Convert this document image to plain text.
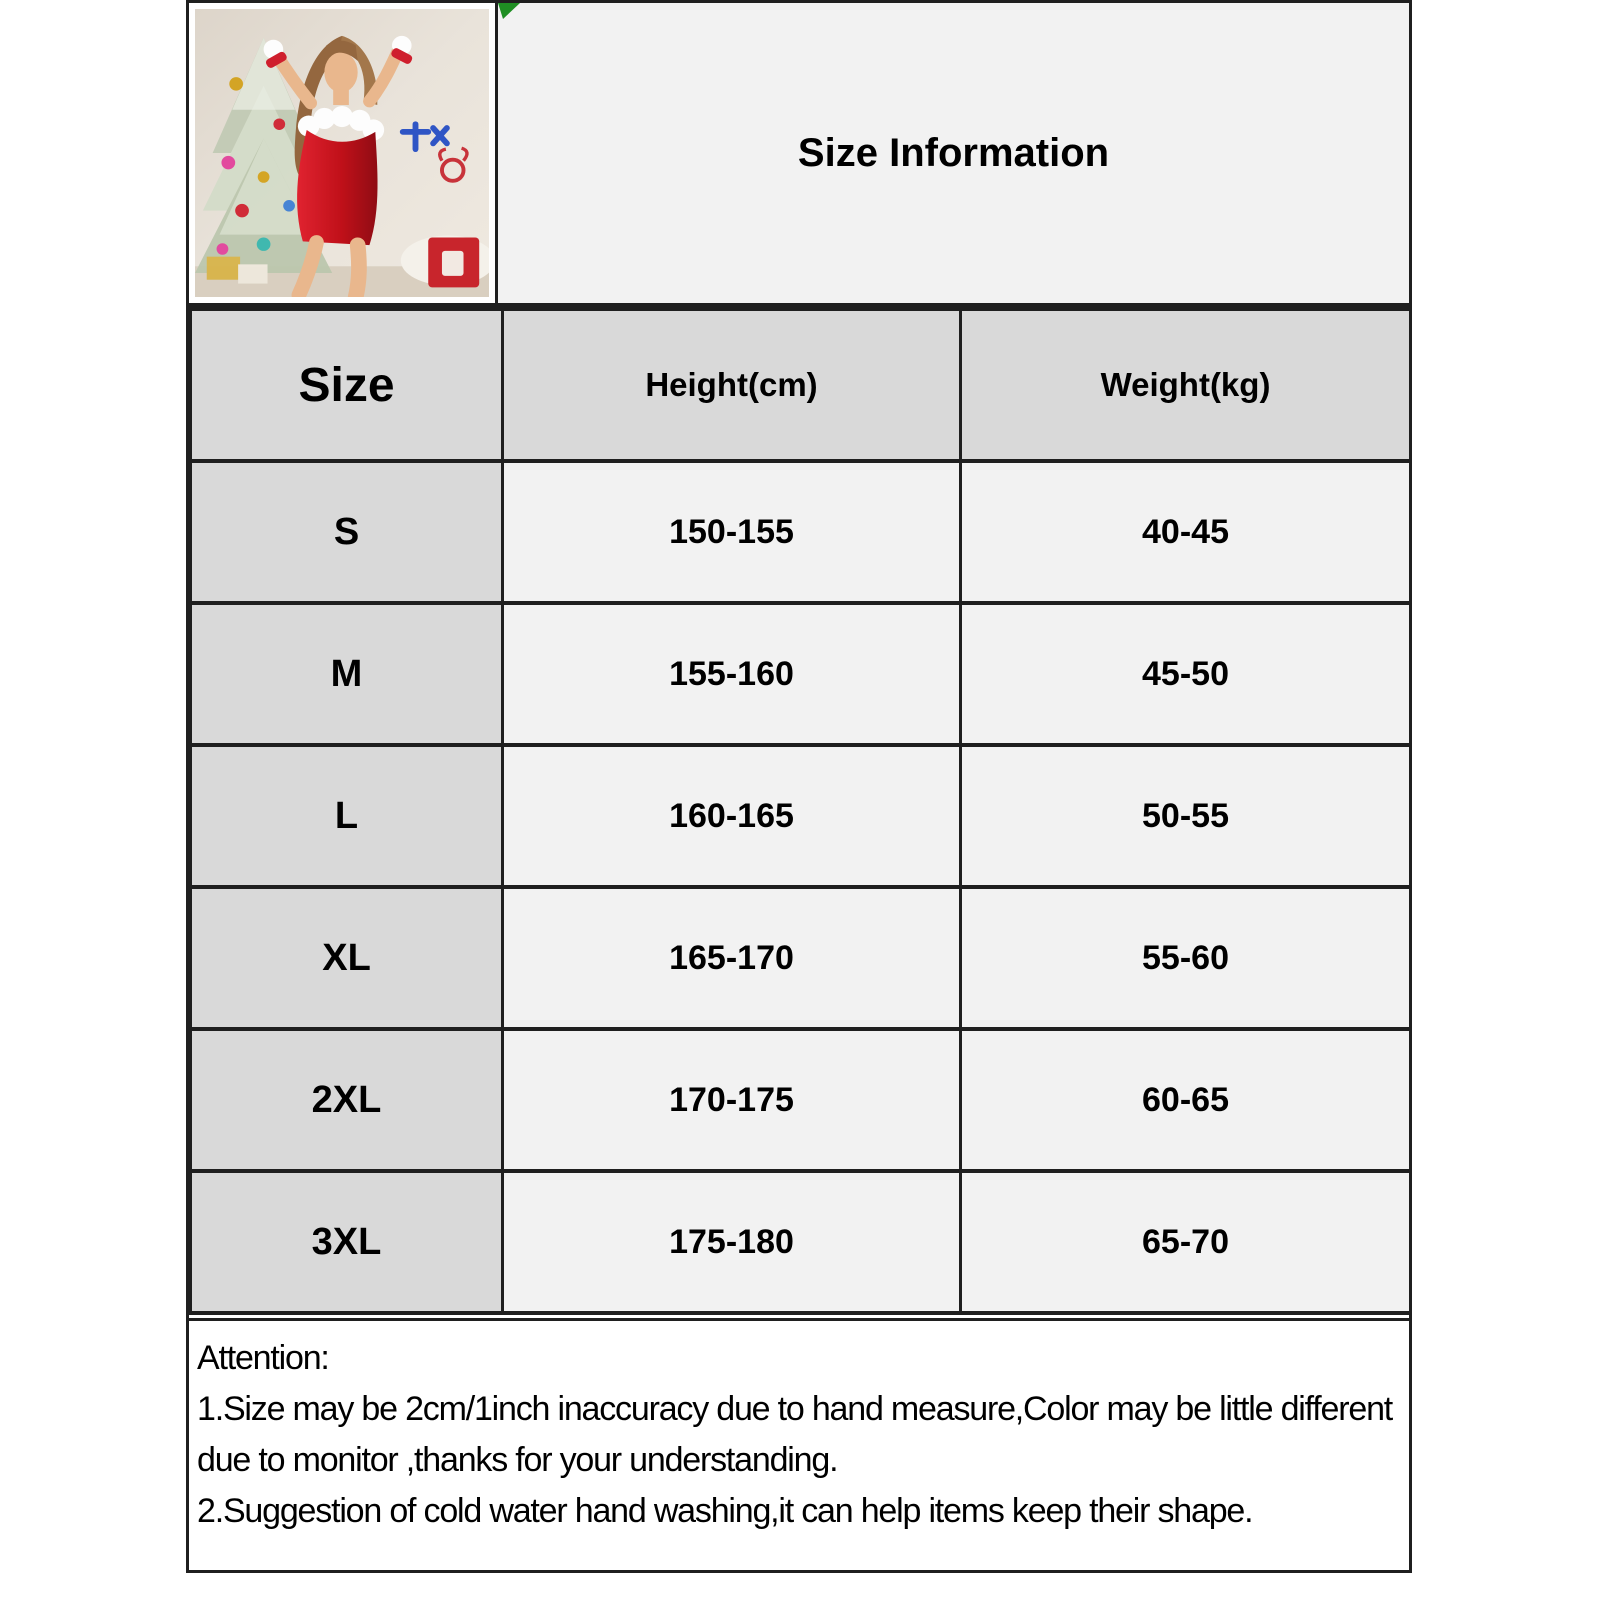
Size Information
Size	Height(cm)	Weight(kg)
S	150-155	40-45
M	155-160	45-50
L	160-165	50-55
XL	165-170	55-60
2XL	170-175	60-65
3XL	175-180	65-70
Attention:
1.Size may be 2cm/1inch inaccuracy due to hand measure,Color may be little different due to monitor ,thanks for your understanding.
2.Suggestion of cold water hand washing,it can help items keep their shape.
